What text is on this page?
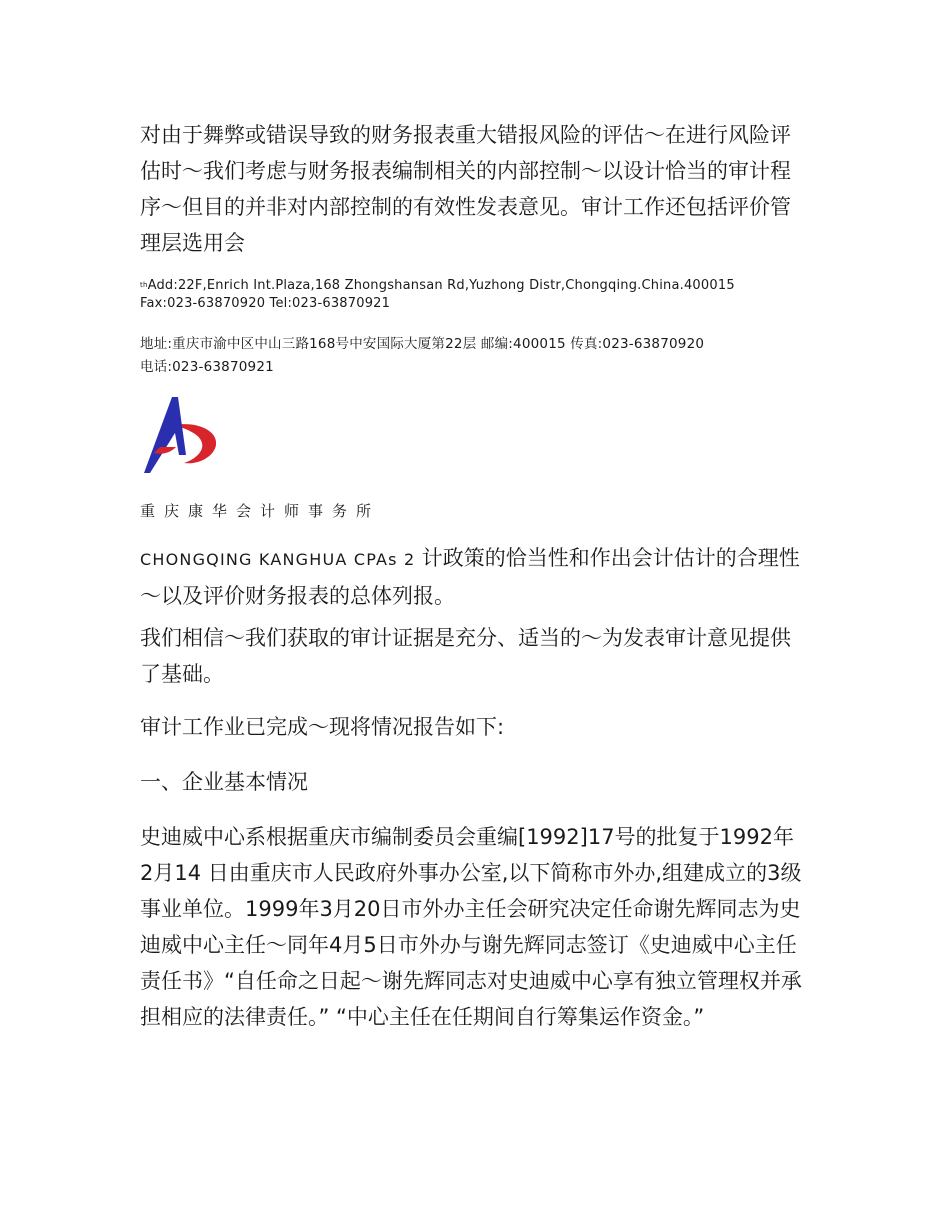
对由于舞弊或错误导致的财务报表重大错报风险的评估～在进行风险评估时～我们考虑与财务报表编制相关的内部控制～以设计恰当的审计程序～但目的并非对内部控制的有效性发表意见。审计工作还包括评价管理层选用会

$^{th}$Add:22F,Enrich Int.Plaza,168 Zhongshansan Rd,Yuzhong Distr,Chongqing.China.400015

Fax:023-63870920 Tel:023-63870921

地址:重庆市渝中区中山三路168号中安国际大厦第22层 邮编:400015 传真:023-63870920

电话:023-63870921

重庆康华会计师事务所

CHONGQING KANGHUA CPAs 2 计政策的恰当性和作出会计估计的合理性～以及评价财务报表的总体列报。

我们相信～我们获取的审计证据是充分、适当的～为发表审计意见提供了基础。

审计工作业已完成～现将情况报告如下:

一、企业基本情况

史迪威中心系根据重庆市编制委员会重编[1992]17号的批复于1992年2月14 日由重庆市人民政府外事办公室,以下简称市外办,组建成立的3级事业单位。1999年3月20日市外办主任会研究决定任命谢先辉同志为史迪威中心主任～同年4月5日市外办与谢先辉同志签订《史迪威中心主任责任书》“自任命之日起～谢先辉同志对史迪威中心享有独立管理权并承担相应的法律责任。” “中心主任在任期间自行筹集运作资金。”
